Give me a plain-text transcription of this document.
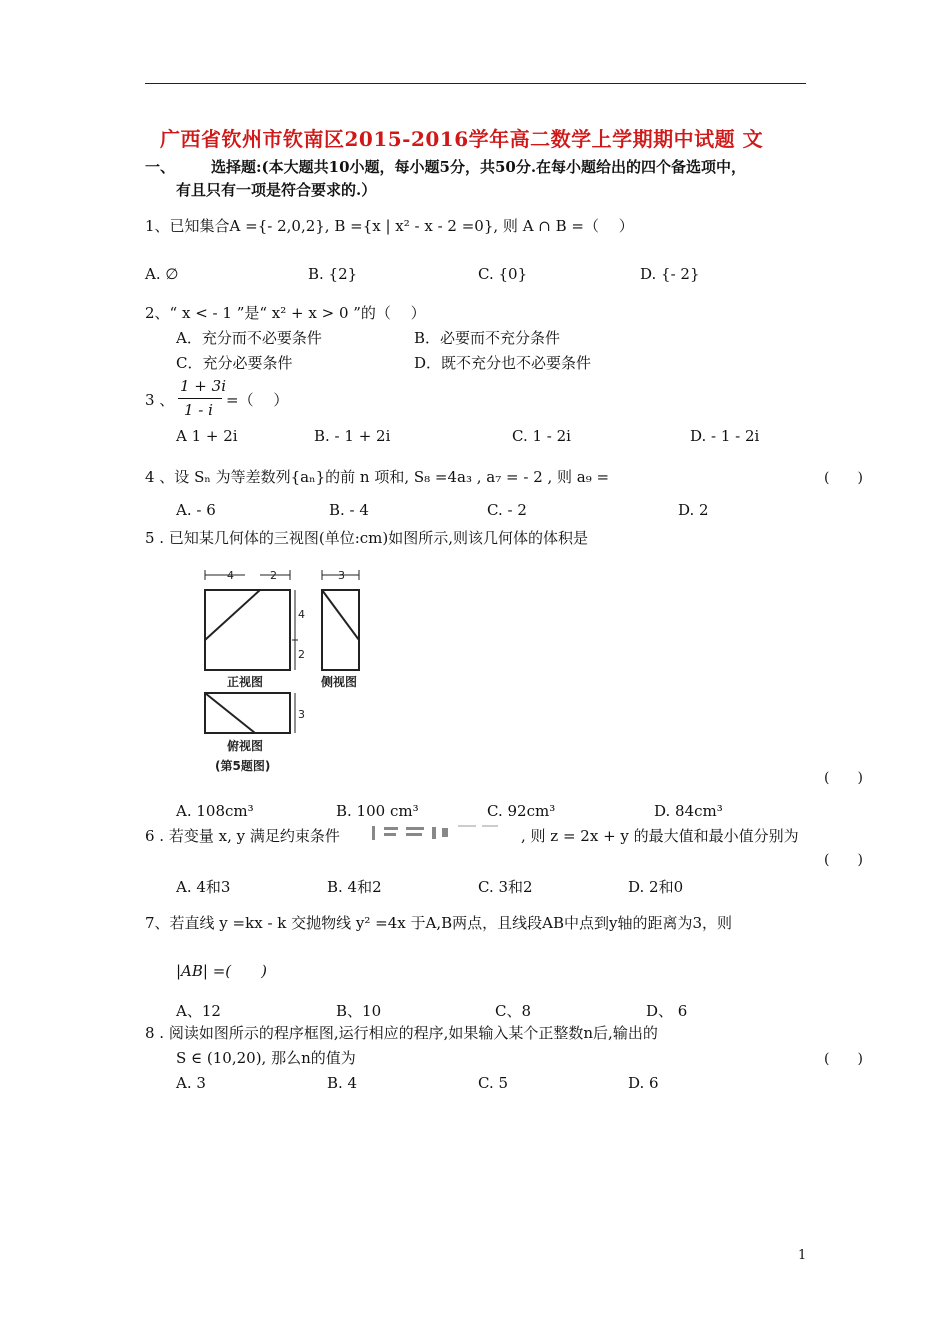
广西省钦州市钦南区2015-2016学年高二数学上学期期中试题 文
一、 选择题:(本大题共10小题，每小题5分，共50分.在每小题给出的四个备选项中，
有且只有一项是符合要求的.）
1、已知集合A ={- 2,0,2}, B ={x | x² - x - 2 =0}, 则 A ∩ B =（　 ）
A. ∅	B. {2}	C. {0}	D. {- 2}
2、“ x < - 1 ”是“ x² + x > 0 ”的（　 ）
A．充分而不必要条件	B．必要而不充分条件
C．充分必要条件	D．既不充分也不必要条件
3 、
1 + 3i
1 - i
=（　 ）
A 1 + 2i	B. - 1 + 2i	C. 1 - 2i	D. - 1 - 2i
4 、设 Sₙ 为等差数列{aₙ}的前 n 项和, S₈ =4a₃ , a₇ = - 2 , 则 a₉ =	(　　)
A. - 6	B. - 4	C. - 2	D. 2
5 . 已知某几何体的三视图(单位:cm)如图所示,则该几何体的体积是
4	2	3
4
2
3
正视图	侧视图
俯视图
(第5题图)
(　　)
A. 108cm³	B. 100 cm³	C. 92cm³	D. 84cm³
6 . 若变量 x, y 满足约束条件	, 则 z = 2x + y 的最大值和最小值分别为
(　　)
A. 4和3	B. 4和2	C. 3和2	D. 2和0
7、若直线 y =kx - k 交抛物线 y² =4x 于A,B两点，且线段AB中点到y轴的距离为3，则
|AB| =(　　)
A、12	B、10	C、8	D、 6
8 . 阅读如图所示的程序框图,运行相应的程序,如果输入某个正整数n后,输出的
S ∈ (10,20), 那么n的值为	(　　)
A. 3	B. 4	C. 5	D. 6
1
